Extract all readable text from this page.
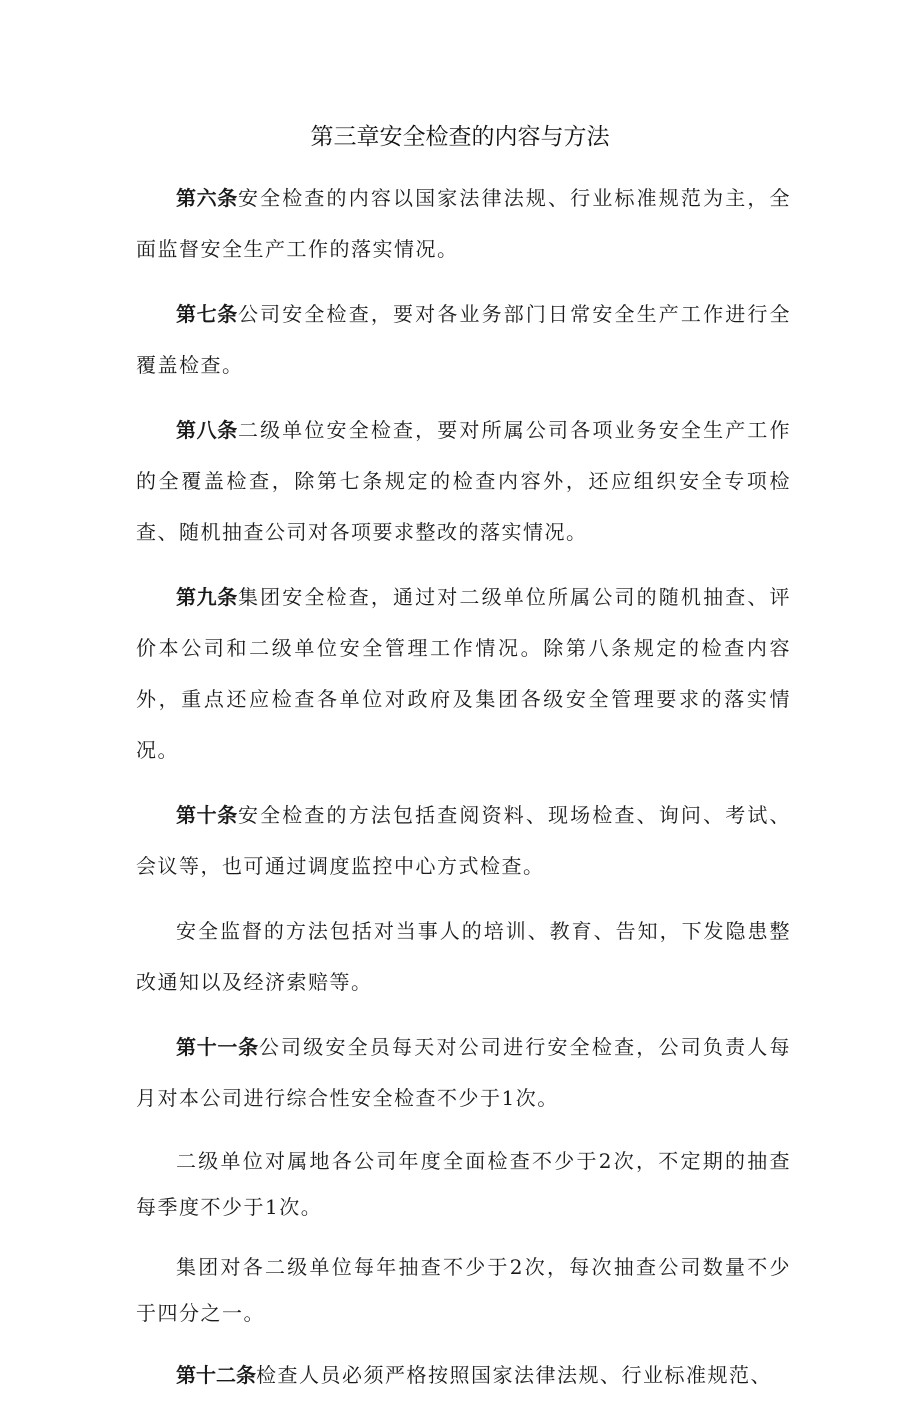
第三章安全检查的内容与方法

第六条安全检查的内容以国家法律法规、行业标准规范为主，全面监督安全生产工作的落实情况。

第七条公司安全检查，要对各业务部门日常安全生产工作进行全覆盖检查。

第八条二级单位安全检查，要对所属公司各项业务安全生产工作的全覆盖检查，除第七条规定的检查内容外，还应组织安全专项检查、随机抽查公司对各项要求整改的落实情况。

第九条集团安全检查，通过对二级单位所属公司的随机抽查、评价本公司和二级单位安全管理工作情况。除第八条规定的检查内容外，重点还应检查各单位对政府及集团各级安全管理要求的落实情况。

第十条安全检查的方法包括查阅资料、现场检查、询问、考试、会议等，也可通过调度监控中心方式检查。

安全监督的方法包括对当事人的培训、教育、告知，下发隐患整改通知以及经济索赔等。

第十一条公司级安全员每天对公司进行安全检查，公司负责人每月对本公司进行综合性安全检查不少于1次。

二级单位对属地各公司年度全面检查不少于2次，不定期的抽查每季度不少于1次。

集团对各二级单位每年抽查不少于2次，每次抽查公司数量不少于四分之一。

第十二条检查人员必须严格按照国家法律法规、行业标准规范、
